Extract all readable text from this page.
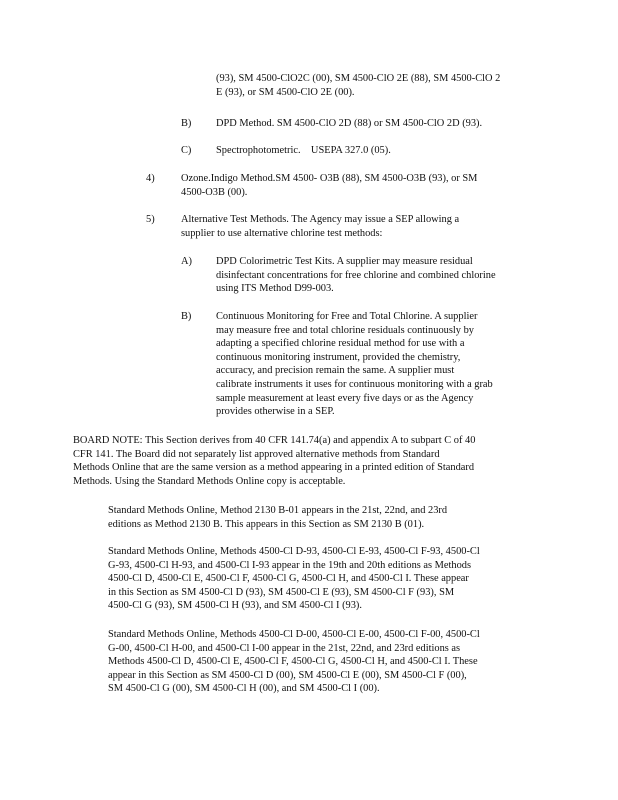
(93), SM 4500-ClO2C (00), SM 4500-ClO 2E (88), SM 4500-ClO 2
E (93), or SM 4500-ClO 2E (00).
B) DPD Method. SM 4500-ClO 2D (88) or SM 4500-ClO 2D (93).
C) Spectrophotometric.    USEPA 327.0 (05).
4)	Ozone.Indigo Method.SM 4500- O3B (88), SM 4500-O3B (93), or SM
4500-O3B (00).
5)	Alternative Test Methods. The Agency may issue a SEP allowing a
supplier to use alternative chlorine test methods:
A) DPD Colorimetric Test Kits. A supplier may measure residual
disinfectant concentrations for free chlorine and combined chlorine
using ITS Method D99-003.
B) Continuous Monitoring for Free and Total Chlorine. A supplier
may measure free and total chlorine residuals continuously by
adapting a specified chlorine residual method for use with a
continuous monitoring instrument, provided the chemistry,
accuracy, and precision remain the same. A supplier must
calibrate instruments it uses for continuous monitoring with a grab
sample measurement at least every five days or as the Agency
provides otherwise in a SEP.
BOARD NOTE: This Section derives from 40 CFR 141.74(a) and appendix A to subpart C of 40
CFR 141. The Board did not separately list approved alternative methods from Standard
Methods Online that are the same version as a method appearing in a printed edition of Standard
Methods. Using the Standard Methods Online copy is acceptable.
Standard Methods Online, Method 2130 B-01 appears in the 21st, 22nd, and 23rd
editions as Method 2130 B. This appears in this Section as SM 2130 B (01).
Standard Methods Online, Methods 4500-Cl D-93, 4500-Cl E-93, 4500-Cl F-93, 4500-Cl
G-93, 4500-Cl H-93, and 4500-Cl I-93 appear in the 19th and 20th editions as Methods
4500-Cl D, 4500-Cl E, 4500-Cl F, 4500-Cl G, 4500-Cl H, and 4500-Cl I. These appear
in this Section as SM 4500-Cl D (93), SM 4500-Cl E (93), SM 4500-Cl F (93), SM
4500-Cl G (93), SM 4500-Cl H (93), and SM 4500-Cl I (93).
Standard Methods Online, Methods 4500-Cl D-00, 4500-Cl E-00, 4500-Cl F-00, 4500-Cl
G-00, 4500-Cl H-00, and 4500-Cl I-00 appear in the 21st, 22nd, and 23rd editions as
Methods 4500-Cl D, 4500-Cl E, 4500-Cl F, 4500-Cl G, 4500-Cl H, and 4500-Cl I. These
appear in this Section as SM 4500-Cl D (00), SM 4500-Cl E (00), SM 4500-Cl F (00),
SM 4500-Cl G (00), SM 4500-Cl H (00), and SM 4500-Cl I (00).
